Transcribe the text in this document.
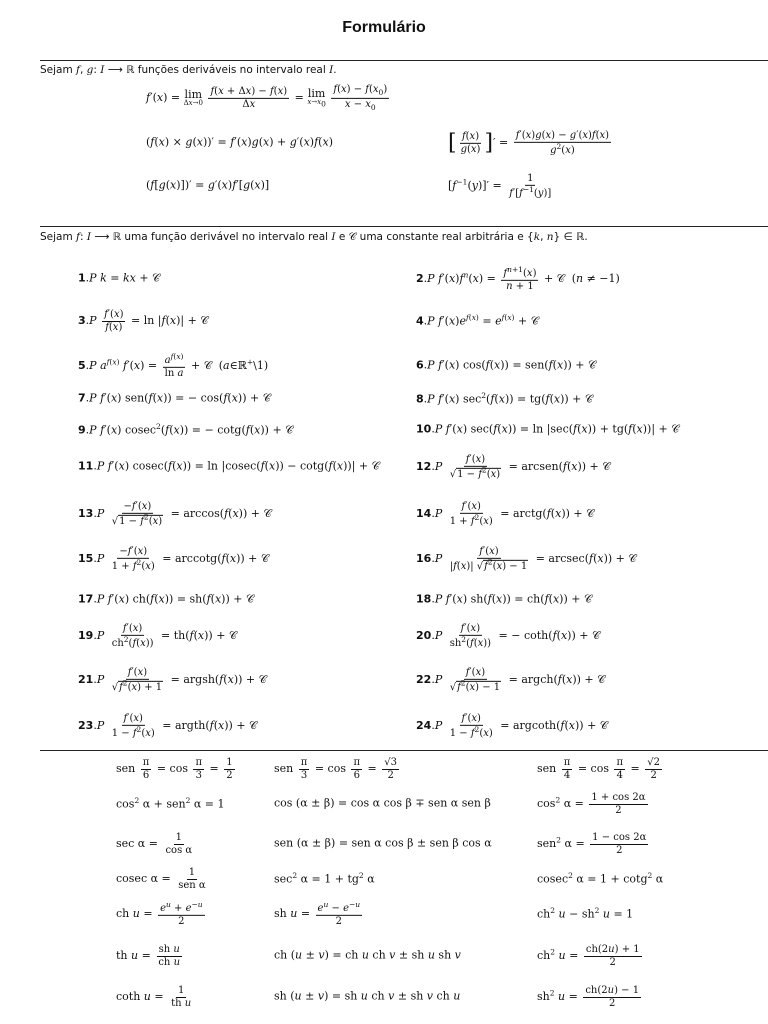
Formulário
Sejam f, g: I ⟶ ℝ funções deriváveis no intervalo real I.
f′(x) = lim
Δx→0
$\frac{f(x + \Delta x) - f(x)}{\Delta x} = \lim$
$x\to x_0$
$\frac{f(x) - f(x_0)}{x - x_0}$
(f(x) × g(x))′ = f′(x)g(x) + g′(x)f(x)	[ $\frac{f(x)}{g(x)}$ ]′ = $\frac{f'(x)g(x) - g'(x)f(x)}{g^2(x)}$
(f[g(x)])′ = g′(x)f′[g(x)]	$[f^{-1}(y)]' = \frac{1}{f'[f^{-1}(y)]}$
Sejam f: I ⟶ ℝ uma função derivável no intervalo real I e 𝒞 uma constante real arbitrária e {k, n} ∈ ℝ.
1.P k = kx + 𝒞	2.P $f'(x)f^n(x) = \frac{f^{n+1}(x)}{n + 1}$ + 𝒞  (n ≠ −1)
$3.P \frac{f'(x)}{f(x)} = \ln |f(x)|$ + 𝒞	4.P $f'(x)e^{f(x)} = e^{f(x)}$ + 𝒞
5.P $a^{f(x)}$ $f'(x) = \frac{a^{f(x)}}{\text{ln a}}$ + 𝒞  (a∈ℝ+\1)	6.P f′(x) cos(f(x)) = sen(f(x)) + 𝒞
7.P f′(x) sen(f(x)) = − cos(f(x)) + 𝒞	8.P f′(x) $\sec^2(f(x)) = tg(f(x))$ + 𝒞
9.P f′(x) cosec$^2$(f(x)) = − cotg(f(x)) + 𝒞	10.P f′(x) sec(f(x)) = ln |sec(f(x)) + tg(f(x))| + 𝒞
11.P f′(x) cosec(f(x)) = ln |cosec(f(x)) − cotg(f(x))| + 𝒞	$12.P \frac{f'(x)}{√1 - f^2(x)}$ = arcsen(f(x)) + 𝒞
$13.P \frac{-f'(x)}{√1 - f^2(x)} = \arccos(f(x))$ + 𝒞	$14.P \frac{f'(x)}{1 + f^2(x)}$ = arctg(f(x)) + 𝒞
$15.P \frac{-f'(x)}{1 + f^2(x)} = arccotg(f(x))$ + 𝒞	$16.P \frac{f'(x)}{|f(x)| √f^2(x) - 1} = arcsec(f(x))$ + 𝒞
17.P f′(x) ch(f(x)) = sh(f(x)) + 𝒞	18.P f′(x) sh(f(x)) = ch(f(x)) + 𝒞
$19.P \frac{f'(x)}{ch^2(f(x))} = th(f(x))$ + 𝒞	$20.P \frac{f'(x)}{sh^2(f(x))}$ = − coth(f(x)) + 𝒞
$21.P \frac{f'(x)}{√f^2(x) + 1}$ = argsh(f(x)) + 𝒞	$22.P \frac{f'(x)}{√f^2(x) - 1}$ = argch(f(x)) + 𝒞
$23.P \frac{f'(x)}{1 - f^2(x)}$ = argth(f(x)) + 𝒞	$24.P \frac{f'(x)}{1 - f^2(x)} = argcoth(f(x))$ + 𝒞
sen $\frac{\pi}{6} = \cos \frac{\pi}{3} = \frac{1}{2}$	sen $\frac{\pi}{3} = \cos \frac{\pi}{6} = \frac{√3}{2}$	sen $\frac{\pi}{4} = \cos \frac{\pi}{4} = \frac{√2}{2}$
$\cos^2 \alpha + sen^2$ α = 1	cos (α ± β) = cos α cos β ∓ sen α sen β	$\cos^2 \alpha = \frac{1 + \cos 2\alpha}{2}$
$\sec \alpha = \frac{1}{\text{cos α}}$	sen (α ± β) = sen α cos β ± sen β cos α	sen$^2$ $\alpha = \frac{1 - \cos 2\alpha}{2}$
cosec $\alpha = \frac{1}{\text{sen α}}$	$\sec^2 \alpha = 1 + tg^2$ α	cosec$^2$ α = 1 + cotg$^2$ α
ch $u = \frac{e^u + e^{-u}}{2}$	sh $u = \frac{e^u - e^{-u}}{2}$	$ch^2$ $u - sh^2$ u = 1
th $u = \frac{\text{sh u}}{\text{ch u}}$	ch (u ± v) = ch u ch v ± sh u sh v	$ch^2$ $u = \frac{ch(2u) + 1}{2}$
coth $u = \frac{1}{\text{th u}}$	sh (u ± v) = sh u ch v ± sh v ch u	$sh^2$ $u = \frac{ch(2u) - 1}{2}$
